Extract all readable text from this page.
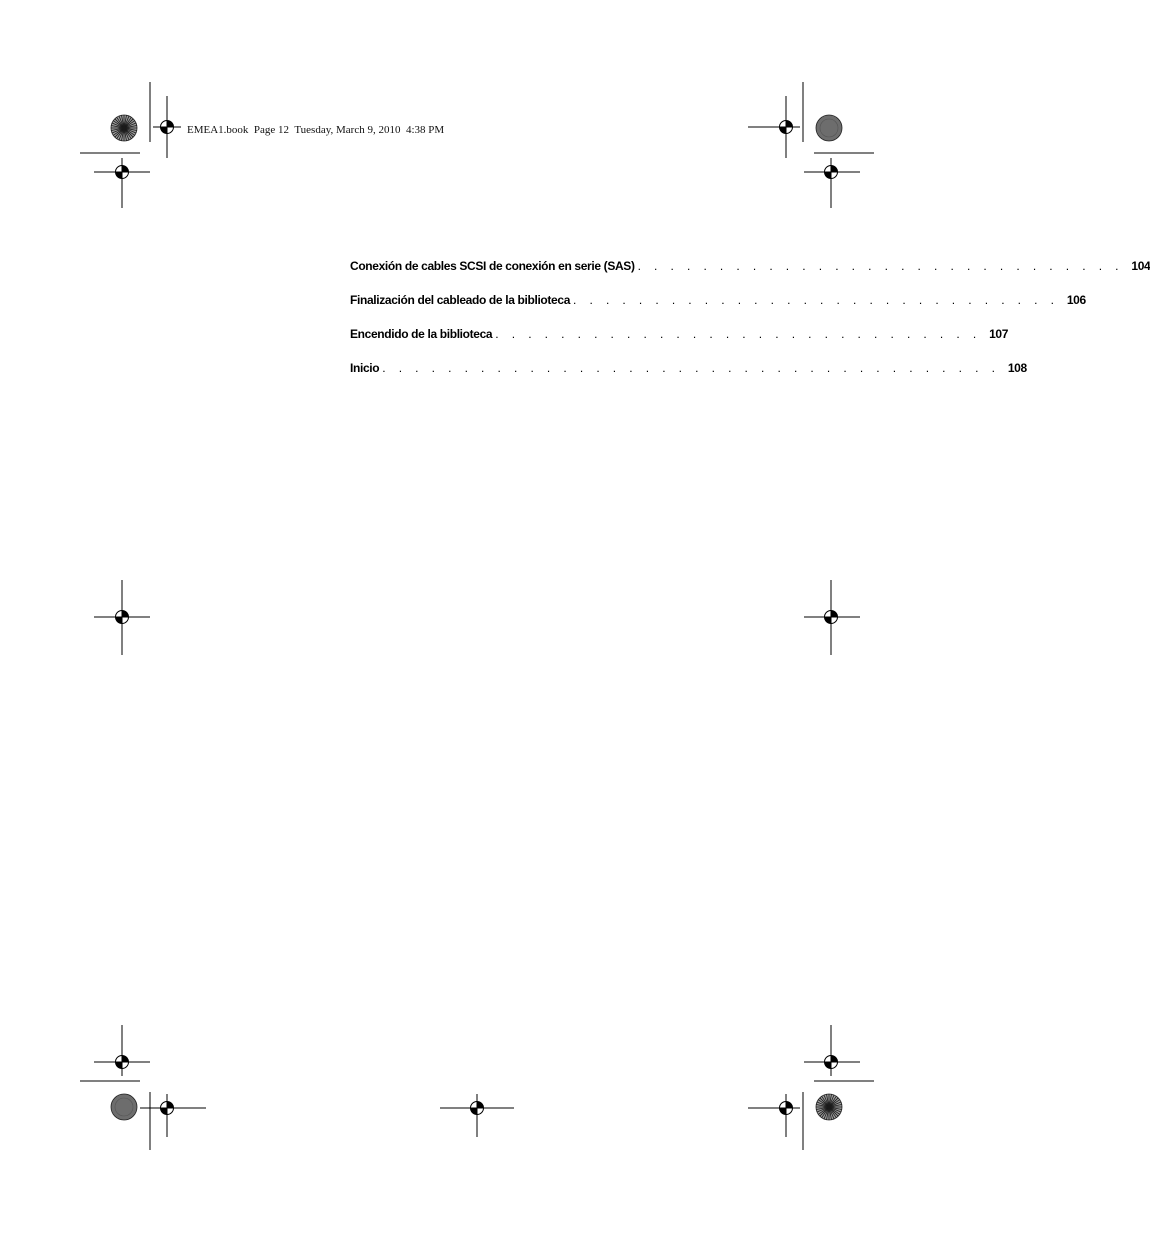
EMEA1.book  Page 12  Tuesday, March 9, 2010  4:38 PM
Conexión de cables SCSI de conexión en serie (SAS) . . . . . . . . . . . . . . . . . . . . . . . . . . . . . . 104
Finalización del cableado de la biblioteca . . . . . . . . . . . . . . . . . . . . . . . . . . . . . . 106
Encendido de la biblioteca . . . . . . . . . . . . . . . . . . . . . . . . . . . . . . 107
Inicio . . . . . . . . . . . . . . . . . . . . . . . . . . . . . . . . . . . . . . 108
